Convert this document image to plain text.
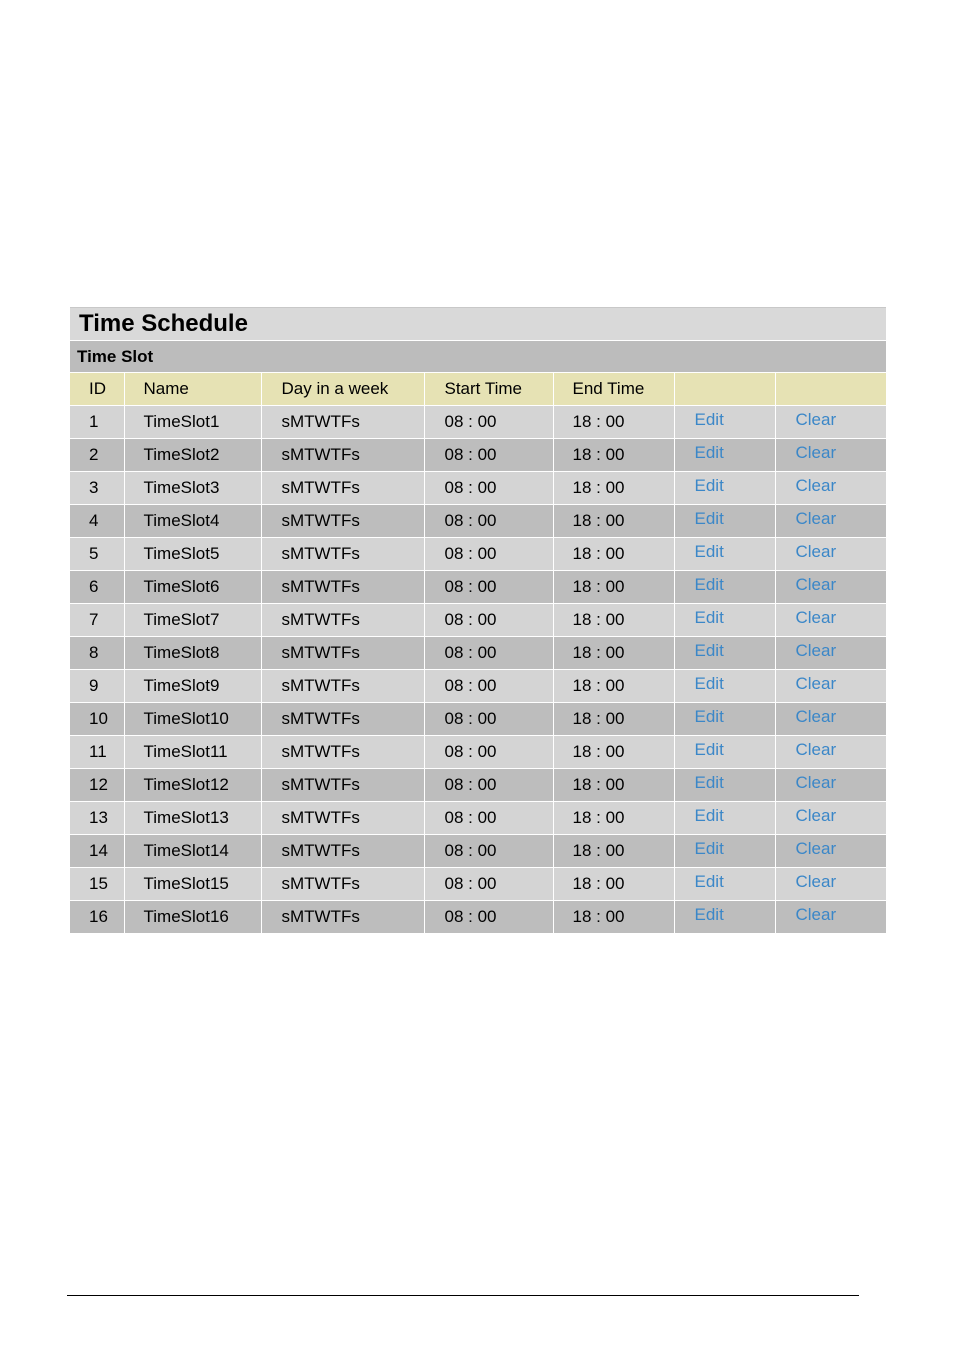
Time Schedule
Time Slot
ID	Name	Day in a week	Start Time	End Time		
1	TimeSlot1	sMTWTFs	08 : 00	18 : 00	Edit	Clear
2	TimeSlot2	sMTWTFs	08 : 00	18 : 00	Edit	Clear
3	TimeSlot3	sMTWTFs	08 : 00	18 : 00	Edit	Clear
4	TimeSlot4	sMTWTFs	08 : 00	18 : 00	Edit	Clear
5	TimeSlot5	sMTWTFs	08 : 00	18 : 00	Edit	Clear
6	TimeSlot6	sMTWTFs	08 : 00	18 : 00	Edit	Clear
7	TimeSlot7	sMTWTFs	08 : 00	18 : 00	Edit	Clear
8	TimeSlot8	sMTWTFs	08 : 00	18 : 00	Edit	Clear
9	TimeSlot9	sMTWTFs	08 : 00	18 : 00	Edit	Clear
10	TimeSlot10	sMTWTFs	08 : 00	18 : 00	Edit	Clear
11	TimeSlot11	sMTWTFs	08 : 00	18 : 00	Edit	Clear
12	TimeSlot12	sMTWTFs	08 : 00	18 : 00	Edit	Clear
13	TimeSlot13	sMTWTFs	08 : 00	18 : 00	Edit	Clear
14	TimeSlot14	sMTWTFs	08 : 00	18 : 00	Edit	Clear
15	TimeSlot15	sMTWTFs	08 : 00	18 : 00	Edit	Clear
16	TimeSlot16	sMTWTFs	08 : 00	18 : 00	Edit	Clear
